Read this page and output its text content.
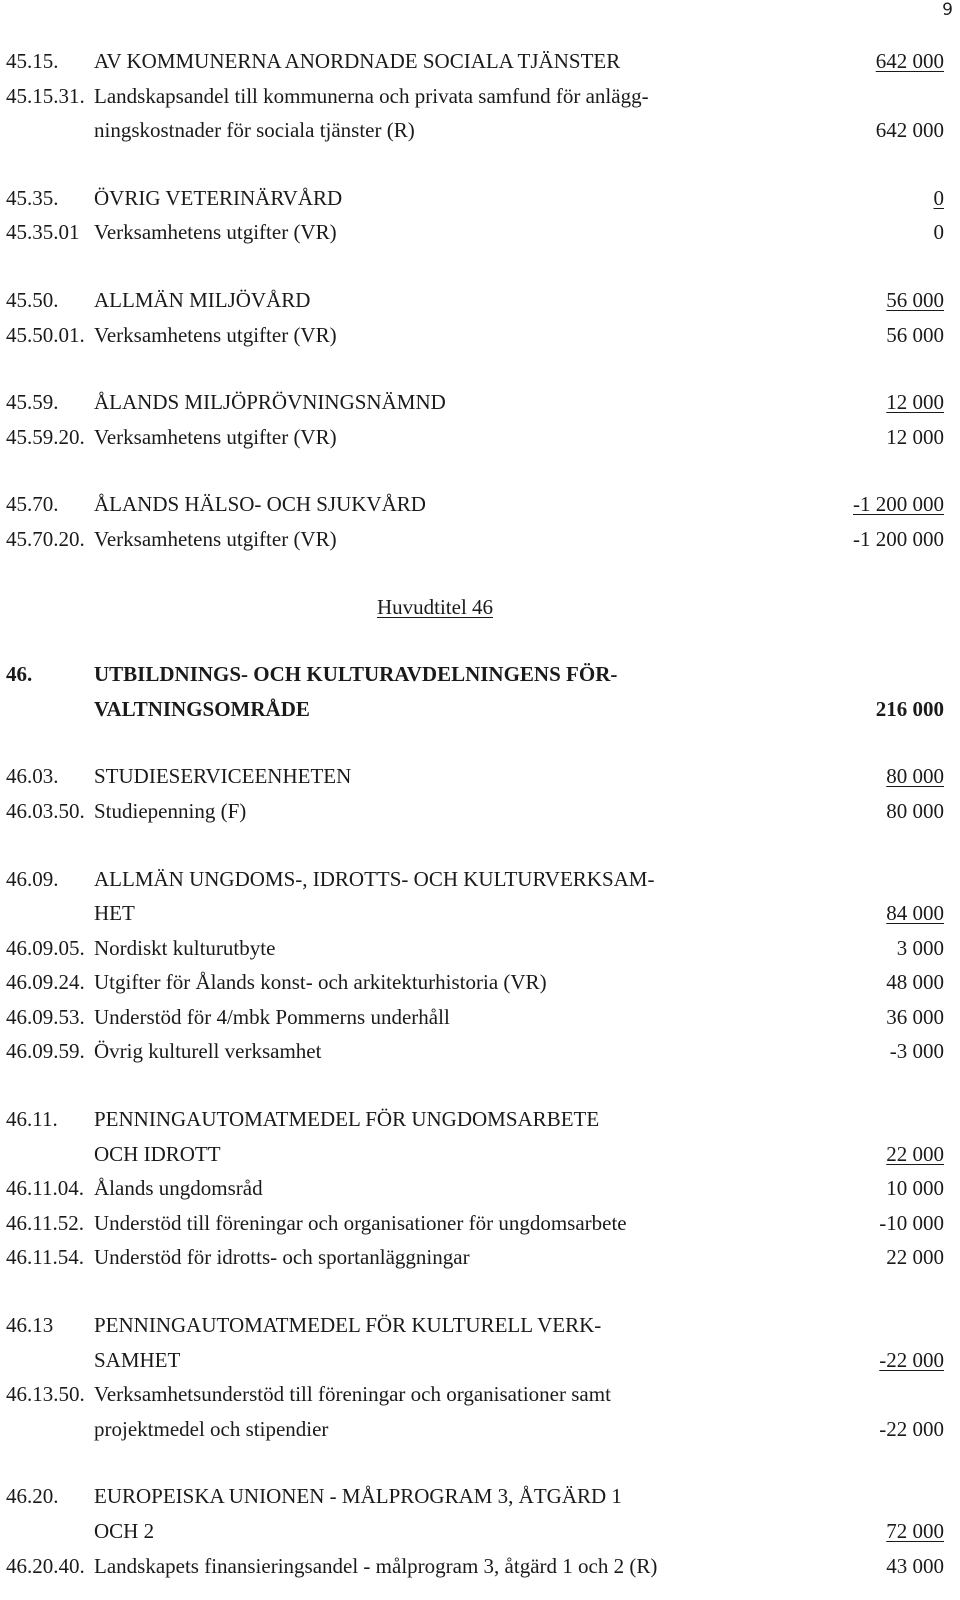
9
45.15. AV KOMMUNERNA ANORDNADE SOCIALA TJÄNSTER	642 000
45.15.31. Landskapsandel till kommunerna och privata samfund för anlägg-
ningskostnader för sociala tjänster (R)	642 000
45.35. ÖVRIG VETERINÄRVÅRD	0
45.35.01 Verksamhetens utgifter (VR)	0
45.50. ALLMÄN MILJÖVÅRD	56 000
45.50.01. Verksamhetens utgifter (VR)	56 000
45.59. ÅLANDS MILJÖPRÖVNINGSNÄMND	12 000
45.59.20. Verksamhetens utgifter (VR)	12 000
45.70. ÅLANDS HÄLSO- OCH SJUKVÅRD	-1 200 000
45.70.20. Verksamhetens utgifter (VR)	-1 200 000
Huvudtitel 46
46.	UTBILDNINGS- OCH KULTURAVDELNINGENS FÖR-
VALTNINGSOMRÅDE	216 000
46.03. STUDIESERVICEENHETEN	80 000
46.03.50. Studiepenning (F)	80 000
46.09. ALLMÄN UNGDOMS-, IDROTTS- OCH KULTURVERKSAM-
HET	84 000
46.09.05. Nordiskt kulturutbyte	3 000
46.09.24. Utgifter för Ålands konst- och arkitekturhistoria (VR)	48 000
46.09.53. Understöd för 4/mbk Pommerns underhåll	36 000
46.09.59. Övrig kulturell verksamhet	-3 000
46.11. PENNINGAUTOMATMEDEL FÖR UNGDOMSARBETE
OCH IDROTT	22 000
46.11.04. Ålands ungdomsråd	10 000
46.11.52. Understöd till föreningar och organisationer för ungdomsarbete	-10 000
46.11.54. Understöd för idrotts- och sportanläggningar	22 000
46.13 PENNINGAUTOMATMEDEL FÖR KULTURELL VERK-
SAMHET	-22 000
46.13.50. Verksamhetsunderstöd till föreningar och organisationer samt
projektmedel och stipendier	-22 000
46.20. EUROPEISKA UNIONEN - MÅLPROGRAM 3, ÅTGÄRD 1
OCH 2	72 000
46.20.40. Landskapets finansieringsandel - målprogram 3, åtgärd 1 och 2 (R)	43 000
